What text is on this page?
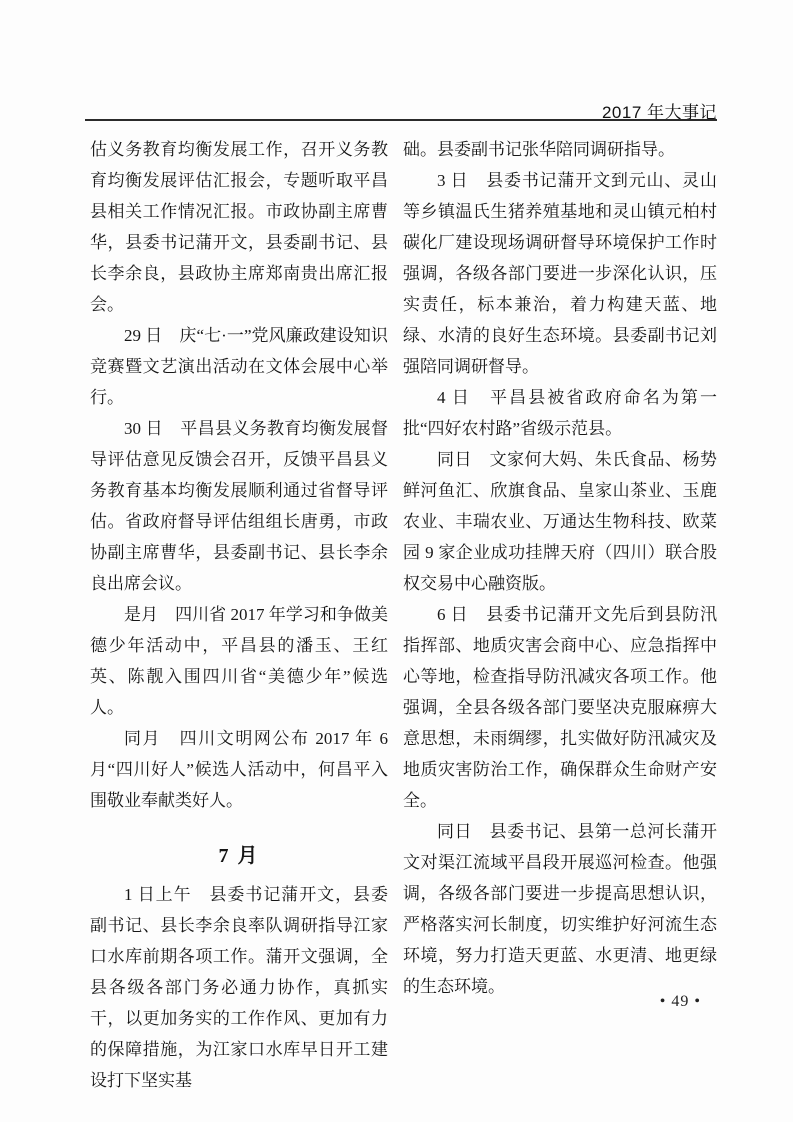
2017 年大事记

估义务教育均衡发展工作，召开义务教育均衡发展评估汇报会，专题听取平昌县相关工作情况汇报。市政协副主席曹华，县委书记蒲开文，县委副书记、县长李余良，县政协主席郑南贵出席汇报会。

29 日　庆“七·一”党风廉政建设知识竞赛暨文艺演出活动在文体会展中心举行。

30 日　平昌县义务教育均衡发展督导评估意见反馈会召开，反馈平昌县义务教育基本均衡发展顺利通过省督导评估。省政府督导评估组组长唐勇，市政协副主席曹华，县委副书记、县长李余良出席会议。

是月　四川省 2017 年学习和争做美德少年活动中，平昌县的潘玉、王红英、陈靓入围四川省“美德少年”候选人。

同月　四川文明网公布 2017 年 6 月“四川好人”候选人活动中，何昌平入围敬业奉献类好人。

7 月

1 日上午　县委书记蒲开文，县委副书记、县长李余良率队调研指导江家口水库前期各项工作。蒲开文强调，全县各级各部门务必通力协作，真抓实干，以更加务实的工作作风、更加有力的保障措施，为江家口水库早日开工建设打下坚实基

础。县委副书记张华陪同调研指导。

3 日　县委书记蒲开文到元山、灵山等乡镇温氏生猪养殖基地和灵山镇元柏村碳化厂建设现场调研督导环境保护工作时强调，各级各部门要进一步深化认识，压实责任，标本兼治，着力构建天蓝、地绿、水清的良好生态环境。县委副书记刘强陪同调研督导。

4 日　平昌县被省政府命名为第一批“四好农村路”省级示范县。

同日　文家何大妈、朱氏食品、杨势鲜河鱼汇、欣旗食品、皇家山茶业、玉鹿农业、丰瑞农业、万通达生物科技、欧菜园 9 家企业成功挂牌天府（四川）联合股权交易中心融资版。

6 日　县委书记蒲开文先后到县防汛指挥部、地质灾害会商中心、应急指挥中心等地，检查指导防汛减灾各项工作。他强调，全县各级各部门要坚决克服麻痹大意思想，未雨绸缪，扎实做好防汛减灾及地质灾害防治工作，确保群众生命财产安全。

同日　县委书记、县第一总河长蒲开文对渠江流域平昌段开展巡河检查。他强调，各级各部门要进一步提高思想认识，严格落实河长制度，切实维护好河流生态环境，努力打造天更蓝、水更清、地更绿的生态环境。

• 49 •
